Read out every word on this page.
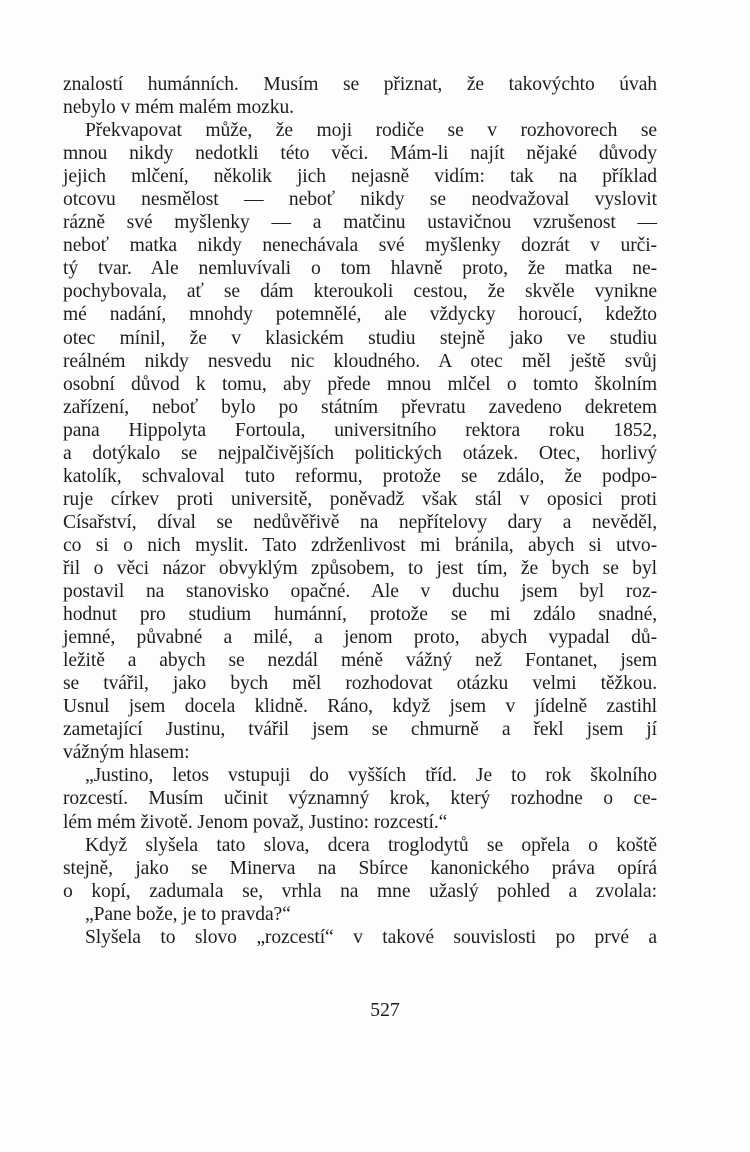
znalostí humánních. Musím se přiznat, že takovýchto úvah
nebylo v mém malém mozku.
Překvapovat může, že moji rodiče se v rozhovorech se
mnou nikdy nedotkli této věci. Mám-li najít nějaké důvody
jejich mlčení, několik jich nejasně vidím: tak na příklad
otcovu nesmělost — neboť nikdy se neodvažoval vyslovit
rázně své myšlenky — a matčinu ustavičnou vzrušenost —
neboť matka nikdy nenechávala své myšlenky dozrát v urči-
tý tvar. Ale nemluvívali o tom hlavně proto, že matka ne-
pochybovala, ať se dám kteroukoli cestou, že skvěle vynikne
mé nadání, mnohdy potemnělé, ale vždycky horoucí, kdežto
otec mínil, že v klasickém studiu stejně jako ve studiu
reálném nikdy nesvedu nic kloudného. A otec měl ještě svůj
osobní důvod k tomu, aby přede mnou mlčel o tomto školním
zařízení, neboť bylo po státním převratu zavedeno dekretem
pana Hippolyta Fortoula, universitního rektora roku 1852,
a dotýkalo se nejpalčivějších politických otázek. Otec, horlivý
katolík, schvaloval tuto reformu, protože se zdálo, že podpo-
ruje církev proti universitě, poněvadž však stál v oposici proti
Císařství, díval se nedůvěřivě na nepřítelovy dary a nevěděl,
co si o nich myslit. Tato zdrženlivost mi bránila, abych si utvo-
řil o věci názor obvyklým způsobem, to jest tím, že bych se byl
postavil na stanovisko opačné. Ale v duchu jsem byl roz-
hodnut pro studium humánní, protože se mi zdálo snadné,
jemné, půvabné a milé, a jenom proto, abych vypadal dů-
ležitě a abych se nezdál méně vážný než Fontanet, jsem
se tvářil, jako bych měl rozhodovat otázku velmi těžkou.
Usnul jsem docela klidně. Ráno, když jsem v jídelně zastihl
zametající Justinu, tvářil jsem se chmurně a řekl jsem jí
vážným hlasem:
„Justino, letos vstupuji do vyšších tříd. Je to rok školního
rozcestí. Musím učinit významný krok, který rozhodne o ce-
lém mém životě. Jenom považ, Justino: rozcestí.“
Když slyšela tato slova, dcera troglodytů se opřela o koště
stejně, jako se Minerva na Sbírce kanonického práva opírá
o kopí, zadumala se, vrhla na mne užaslý pohled a zvolala:
„Pane bože, je to pravda?“
Slyšela to slovo „rozcestí“ v takové souvislosti po prvé a
527
